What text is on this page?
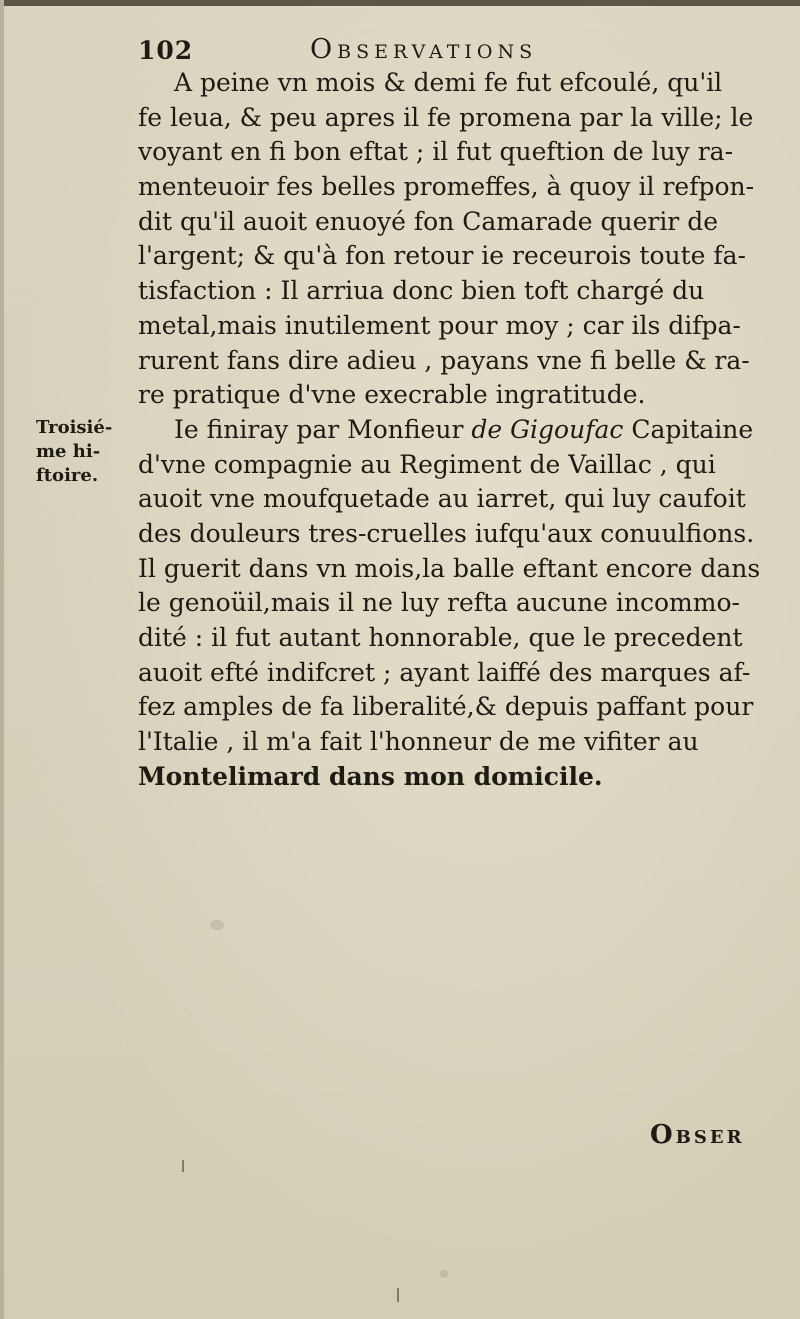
102	Observations
Troisié-
me hi-
ftoire.
A peine vn mois & demi fe fut efcoulé, qu'il
fe leua, & peu apres il fe promena par la ville; le
voyant en fi bon eftat ; il fut queftion de luy ra-
menteuoir fes belles promeffes, à quoy il refpon-
dit qu'il auoit enuoyé fon Camarade querir de
l'argent; & qu'à fon retour ie receurois toute fa-
tisfaction : Il arriua donc bien toft chargé du
metal,mais inutilement pour moy ; car ils difpa-
rurent fans dire adieu , payans vne fi belle & ra-
re pratique d'vne execrable ingratitude.
Ie finiray par Monfieur de Gigoufac Capitaine
d'vne compagnie au Regiment de Vaillac , qui
auoit vne moufquetade au iarret, qui luy caufoit
des douleurs tres-cruelles iufqu'aux conuulfions.
Il guerit dans vn mois,la balle eftant encore dans
le genoüil,mais il ne luy refta aucune incommo-
dité : il fut autant honnorable, que le precedent
auoit efté indifcret ; ayant laiffé des marques af-
fez amples de fa liberalité,& depuis paffant pour
l'Italie , il m'a fait l'honneur de me vifiter au
Montelimard dans mon domicile.
Obser
